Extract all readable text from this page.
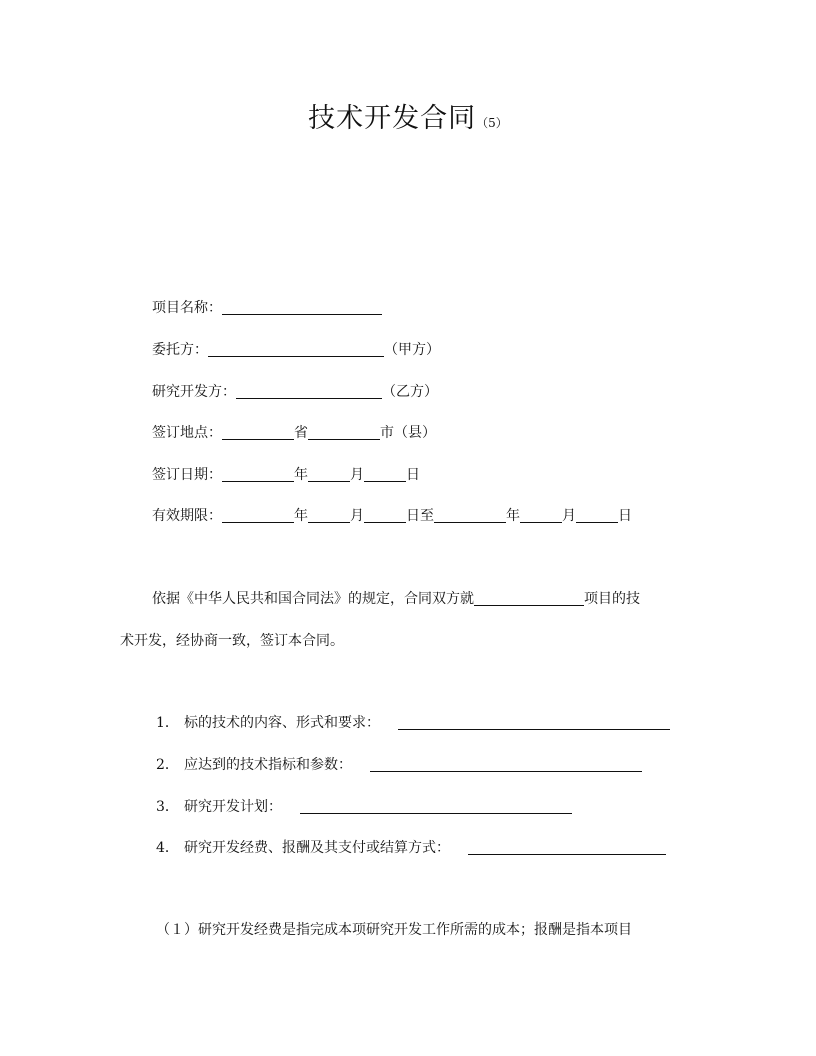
技术开发合同（5）
项目名称：
委托方：	（甲方）
研究开发方：	（乙方）
签订地点：	省	市（县）
签订日期：	年	月	日
有效期限：	年	月	日至	年	月	日
依据《中华人民共和国合同法》的规定，合同双方就	项目的技
术开发，经协商一致，签订本合同。
1． 标的技术的内容、形式和要求：
2． 应达到的技术指标和参数：
3． 研究开发计划：
4． 研究开发经费、报酬及其支付或结算方式：
（１）研究开发经费是指完成本项研究开发工作所需的成本；报酬是指本项目
